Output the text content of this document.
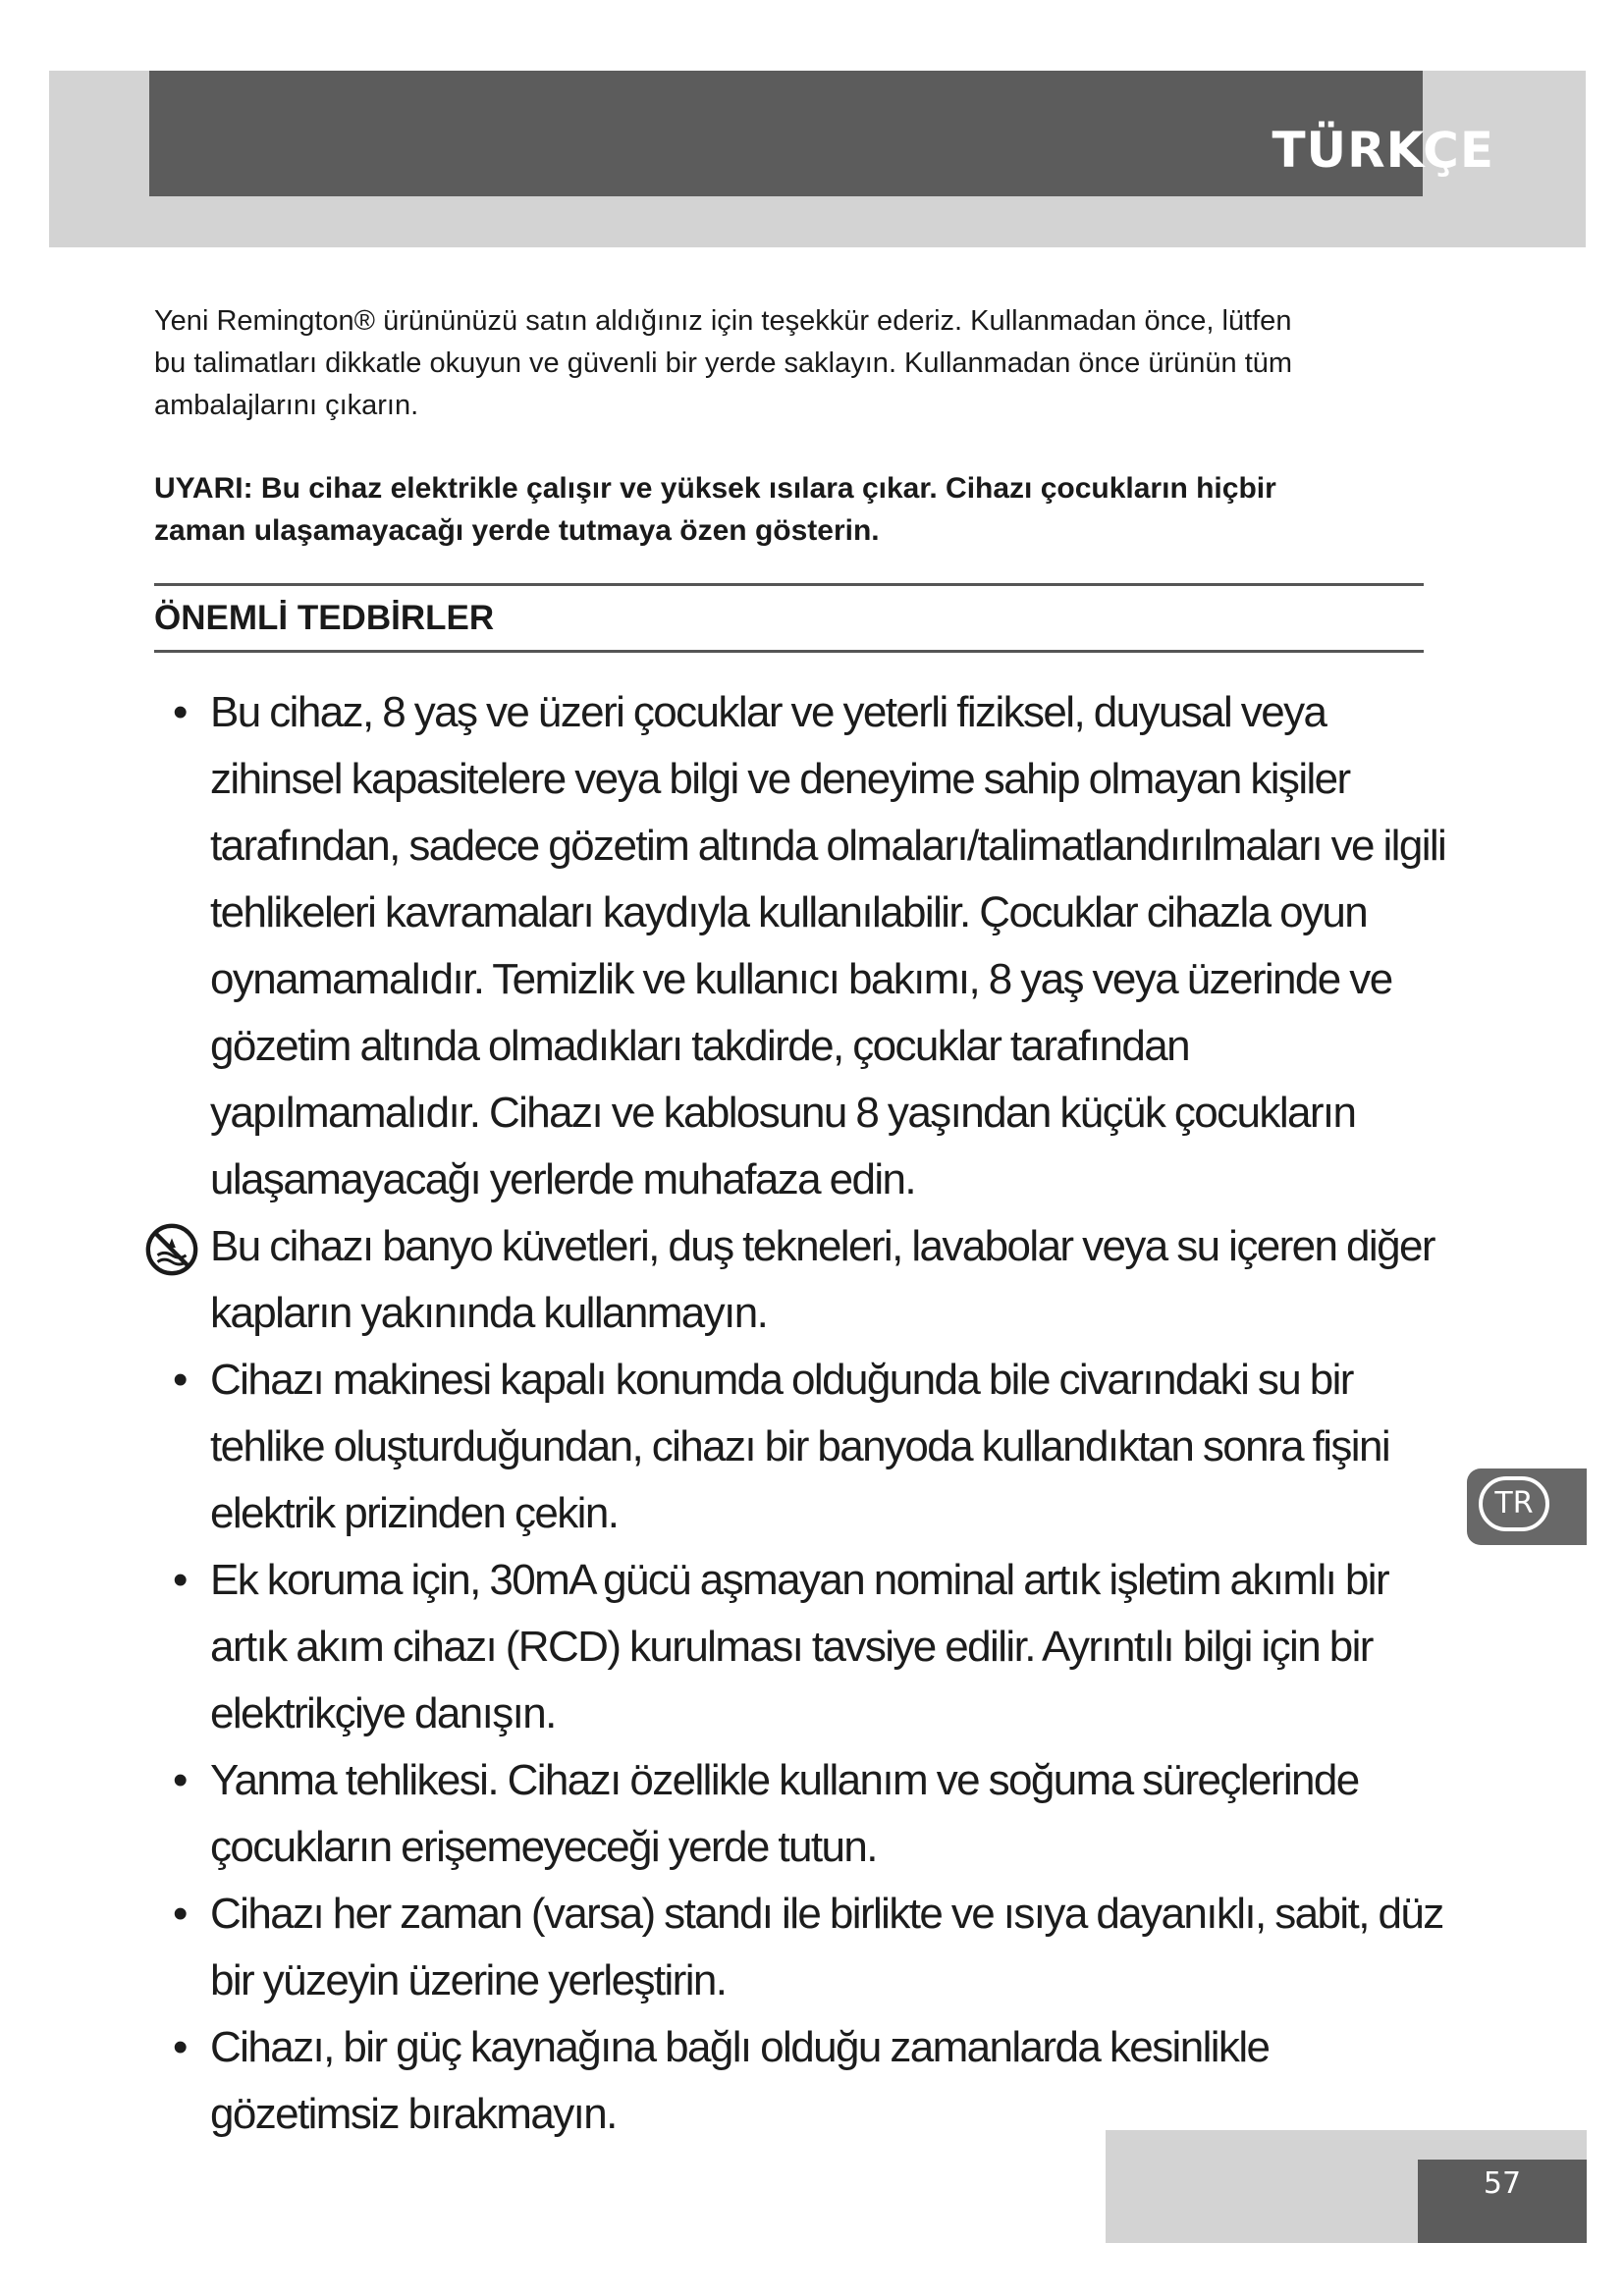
TÜRKÇE

Yeni Remington® ürününüzü satın aldığınız için teşekkür ederiz. Kullanmadan önce, lütfen

bu talimatları dikkatle okuyun ve güvenli bir yerde saklayın. Kullanmadan önce ürünün tüm

ambalajlarını çıkarın.

UYARI: Bu cihaz elektrikle çalışır ve yüksek ısılara çıkar. Cihazı çocukların hiçbir
zaman ulaşamayacağı yerde tutmaya özen gösterin.
ÖNEMLİ TEDBİRLER
• Bu cihaz, 8 yaş ve üzeri çocuklar ve yeterli fiziksel, duyusal veya zihinsel kapasitelere veya bilgi ve deneyime sahip olmayan kişiler tarafından, sadece gözetim altında olmaları/talimatlandırılmaları ve ilgili tehlikeleri kavramaları kaydıyla kullanılabilir. Çocuklar cihazla oyun oynamamalıdır. Temizlik ve kullanıcı bakımı, 8 yaş veya üzerinde ve gözetim altında olmadıkları takdirde, çocuklar tarafından yapılmamalıdır. Cihazı ve kablosunu 8 yaşından küçük çocukların ulaşamayacağı yerlerde muhafaza edin.
Bu cihazı banyo küvetleri, duş tekneleri, lavabolar veya su içeren diğer kapların yakınında kullanmayın.
• Cihazı makinesi kapalı konumda olduğunda bile civarındaki su bir tehlike oluşturduğundan, cihazı bir banyoda kullandıktan sonra fişini elektrik prizinden çekin.
• Ek koruma için, 30mA gücü aşmayan nominal artık işletim akımlı bir artık akım cihazı (RCD) kurulması tavsiye edilir. Ayrıntılı bilgi için bir elektrikçiye danışın.
• Yanma tehlikesi. Cihazı özellikle kullanım ve soğuma süreçlerinde çocukların erişemeyeceği yerde tutun.
• Cihazı her zaman (varsa) standı ile birlikte ve ısıya dayanıklı, sabit, düz bir yüzeyin üzerine yerleştirin.
• Cihazı, bir güç kaynağına bağlı olduğu zamanlarda kesinlikle gözetimsiz bırakmayın.
TR
57
